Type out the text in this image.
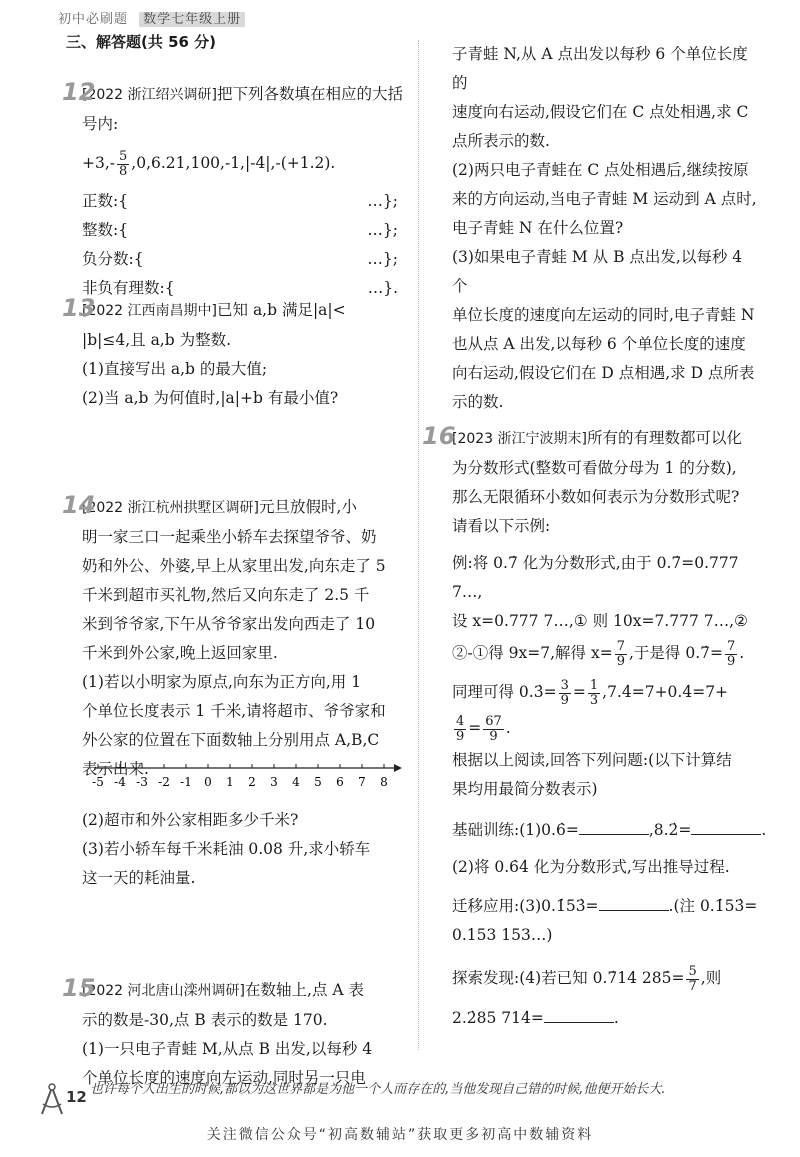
初中必刷题 数学七年级上册

三、解答题(共 56 分)

12

[2022 浙江绍兴调研]把下列各数填在相应的大括号内:

$+3,- \frac{5}{8} ,0,6.21,100,-1,|-4|,-(+1.2)$.

正数:{	…};
整数:{	…};
负分数:{	…};
非负有理数:{	…}.
13

[2022 江西南昌期中]已知 a,b 满足|a|<

|b|≤4,且 a,b 为整数.

(1)直接写出 a,b 的最大值;

(2)当 a,b 为何值时,|a|+b 有最小值?

14

[2022 浙江杭州拱墅区调研]元旦放假时,小

明一家三口一起乘坐小轿车去探望爷爷、奶

奶和外公、外婆,早上从家里出发,向东走了 5

千米到超市买礼物,然后又向东走了 2.5 千

米到爷爷家,下午从爷爷家出发向西走了 10

千米到外公家,晚上返回家里.

(1)若以小明家为原点,向东为正方向,用 1

个单位长度表示 1 千米,请将超市、爷爷家和

外公家的位置在下面数轴上分别用点 A,B,C

表示出来.

(2)超市和外公家相距多少千米?

(3)若小轿车每千米耗油 0.08 升,求小轿车

这一天的耗油量.

15

[2022 河北唐山滦州调研]在数轴上,点 A 表

示的数是-30,点 B 表示的数是 170.

(1)一只电子青蛙 M,从点 B 出发,以每秒 4

个单位长度的速度向左运动,同时另一只电

-5 -4 -3 -2 -1 0 1 2 3 4 5 6 7 8

子青蛙 N,从 A 点出发以每秒 6 个单位长度的

速度向右运动,假设它们在 C 点处相遇,求 C

点所表示的数.

(2)两只电子青蛙在 C 点处相遇后,继续按原

来的方向运动,当电子青蛙 M 运动到 A 点时,

电子青蛙 N 在什么位置?

(3)如果电子青蛙 M 从 B 点出发,以每秒 4 个

单位长度的速度向左运动的同时,电子青蛙 N

也从点 A 出发,以每秒 6 个单位长度的速度

向右运动,假设它们在 D 点相遇,求 D 点所表

示的数.

16

[2023 浙江宁波期末]所有的有理数都可以化

为分数形式(整数可看做分母为 1 的分数),

那么无限循环小数如何表示为分数形式呢?

请看以下示例:

例:将 0.7̇ 化为分数形式,由于 0.7̇=0.777 7…,

设 x=0.777 7…,① 则 10x=7.777 7…,②

②-①得 9x=7,解得 $x= \frac{7}{9}$ ,于是得 0.7̇= $\frac{7}{9}$ .

同理可得 0.3̇= $\frac{3}{9} = \frac{1}{3}$ ,7.4̇=7+0.4̇=7+

$\frac{4}{9} = \frac{67}{9}$ .

根据以上阅读,回答下列问题:(以下计算结

果均用最简分数表示)

基础训练:(1)0.6̇=	,8.2̇=	.

(2)将 0.6̇4̇ 化为分数形式,写出推导过程.

迁移应用:(3)0.1̇53̇=	.(注 0.1̇53̇=

0.153 153…)

探索发现:(4)若已知 0.7̇14 285̇= $\frac{5}{7}$ ,则

2.2̇85 714̇=	.

12 也许每个人出生的时候,都以为这世界都是为他一个人而存在的,当他发现自己错的时候,他便开始长大.
关注微信公众号“初高数辅站”获取更多初高中数辅资料
